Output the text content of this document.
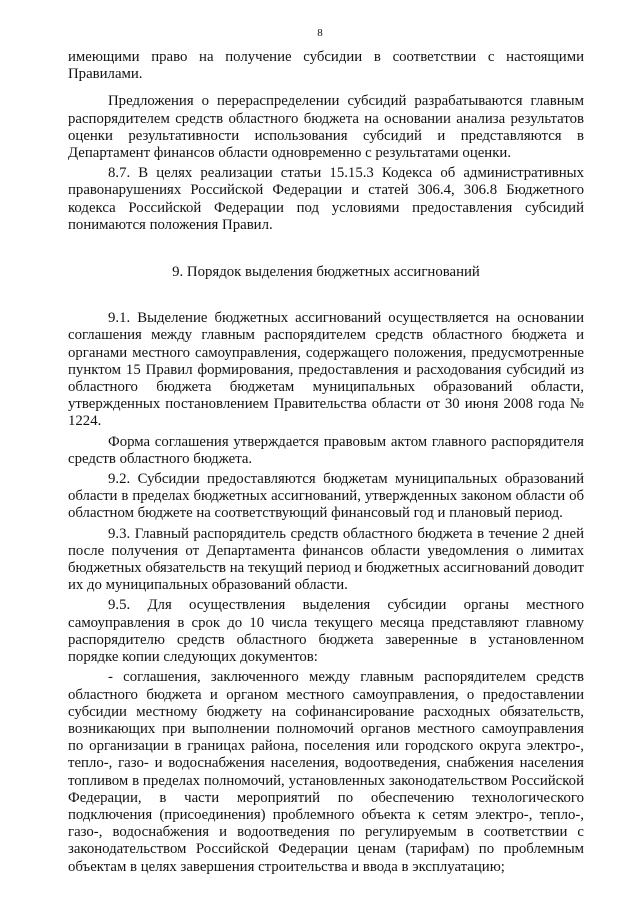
8

имеющими право на получение субсидии в соответствии с настоящими Правилами.

Предложения о перераспределении субсидий разрабатываются главным распорядителем средств областного бюджета на основании анализа результатов оценки результативности использования субсидий и представляются в Департамент финансов области одновременно с результатами оценки.

8.7. В целях реализации статьи 15.15.3 Кодекса об административных правонарушениях Российской Федерации и статей 306.4, 306.8 Бюджетного кодекса Российской Федерации под условиями предоставления субсидий понимаются положения Правил.

9. Порядок выделения бюджетных ассигнований

9.1. Выделение бюджетных ассигнований осуществляется на основании соглашения между главным распорядителем средств областного бюджета и органами местного самоуправления, содержащего положения, предусмотренные пунктом 15 Правил формирования, предоставления и расходования субсидий из областного бюджета бюджетам муниципальных образований области, утвержденных постановлением Правительства области от 30 июня 2008 года № 1224.

Форма соглашения утверждается правовым актом главного распорядителя средств областного бюджета.

9.2. Субсидии предоставляются бюджетам муниципальных образований области в пределах бюджетных ассигнований, утвержденных законом области об областном бюджете на соответствующий финансовый год и плановый период.

9.3. Главный распорядитель средств областного бюджета в течение 2 дней после получения от Департамента финансов области уведомления о лимитах бюджетных обязательств на текущий период и бюджетных ассигнований доводит их до муниципальных образований области.

9.5. Для осуществления выделения субсидии органы местного самоуправления в срок до 10 числа текущего месяца представляют главному распорядителю средств областного бюджета заверенные в установленном порядке копии следующих документов:

- соглашения, заключенного между главным распорядителем средств областного бюджета и органом местного самоуправления, о предоставлении субсидии местному бюджету на софинансирование расходных обязательств, возникающих при выполнении полномочий органов местного самоуправления по организации в границах района, поселения или городского округа электро-, тепло-, газо- и водоснабжения населения, водоотведения, снабжения населения топливом в пределах полномочий, установленных законодательством Российской Федерации, в части мероприятий по обеспечению технологического подключения (присоединения) проблемного объекта к сетям электро-, тепло-, газо-, водоснабжения и водоотведения по регулируемым в соответствии с законодательством Российской Федерации ценам (тарифам) по проблемным объектам в целях завершения строительства и ввода в эксплуатацию;
